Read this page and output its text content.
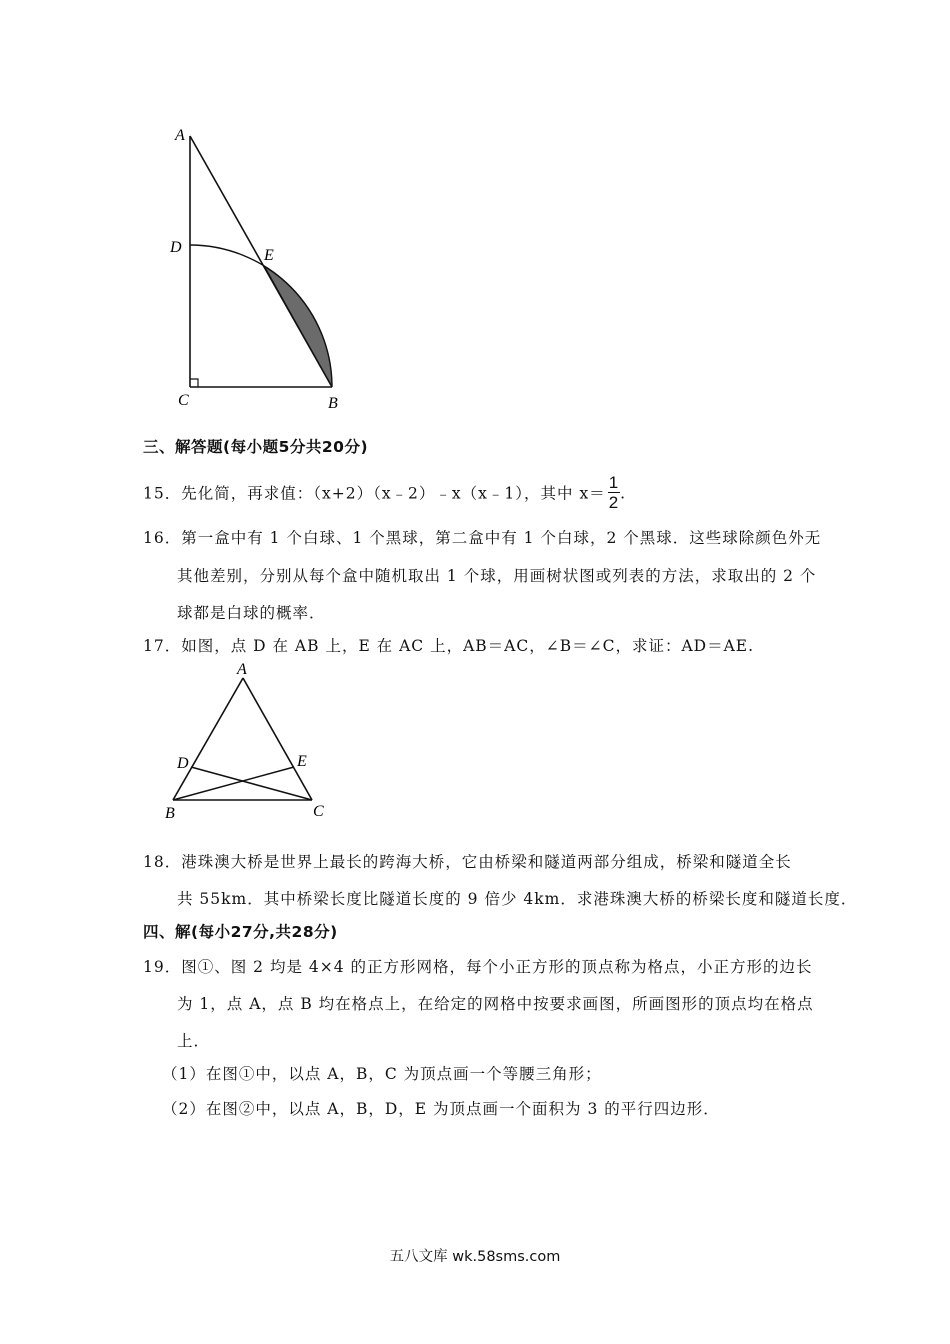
A
D	E
C	B
三、解答题(每小题5分共20分)
15．先化简，再求值：（x+2）（x﹣2）﹣x（x﹣1），其中 $x= \frac{1}{2}$ .
16．第一盒中有 1 个白球、1 个黑球，第二盒中有 1 个白球，2 个黑球．这些球除颜色外无
其他差别，分别从每个盒中随机取出 1 个球，用画树状图或列表的方法，求取出的 2 个
球都是白球的概率．
17．如图，点 D 在 AB 上，E 在 AC 上，AB＝AC，∠B＝∠C，求证：AD＝AE.
A
D	E
B	C
18．港珠澳大桥是世界上最长的跨海大桥，它由桥梁和隧道两部分组成，桥梁和隧道全长
共 55km．其中桥梁长度比隧道长度的 9 倍少 4km．求港珠澳大桥的桥梁长度和隧道长度．
四、解(每小27分,共28分)
19．图①、图 2 均是 4×4 的正方形网格，每个小正方形的顶点称为格点，小正方形的边长
为 1，点 A，点 B 均在格点上，在给定的网格中按要求画图，所画图形的顶点均在格点
上．
（1）在图①中，以点 A，B，C 为顶点画一个等腰三角形；
（2）在图②中，以点 A，B，D，E 为顶点画一个面积为 3 的平行四边形．
五八文库 wk.58sms.com
